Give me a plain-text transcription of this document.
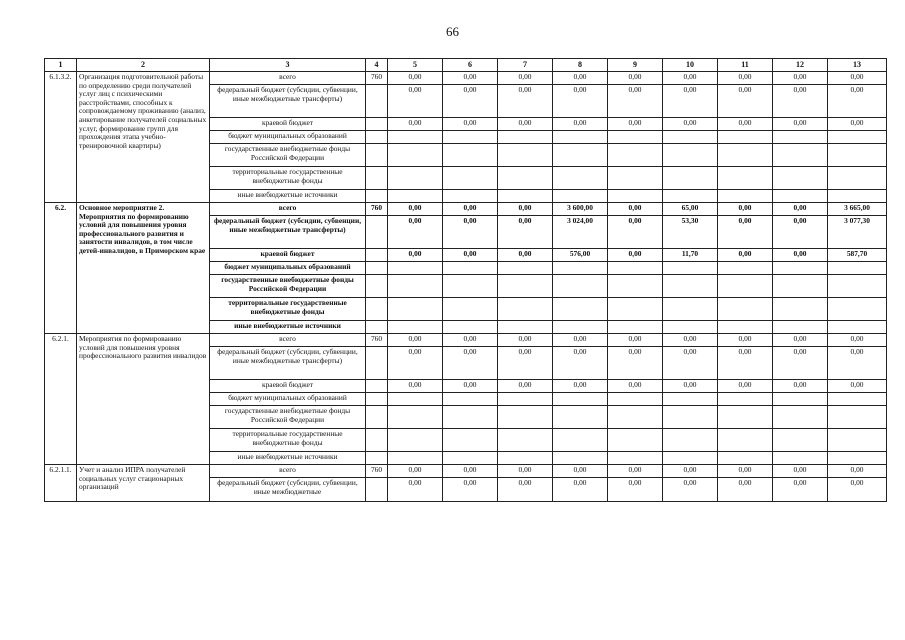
66
1	2	3	4	5	6	7	8	9	10	11	12	13
6.1.3.2.	Организация подготовительной работы по определению среди получателей услуг лиц с психическими расстройствами, способных к сопровождаемому проживанию (анализ, анкетирование получателей социальных услуг, формирование групп для прохождения этапа учебно-тренировочной квартиры)	всего	760	0,00	0,00	0,00	0,00	0,00	0,00	0,00	0,00	0,00
		федеральный бюджет (субсидии, субвенции, иные межбюджетные трансферты)		0,00	0,00	0,00	0,00	0,00	0,00	0,00	0,00	0,00
		краевой бюджет		0,00	0,00	0,00	0,00	0,00	0,00	0,00	0,00	0,00
		бюджет муниципальных образований										
		государственные внебюджетные фонды Российской Федерации										
		территориальные государственные внебюджетные фонды										
		иные внебюджетные источники										
6.2.	Основное мероприятие 2. Мероприятия по формированию условий для повышения уровня профессионального развития и занятости инвалидов, в том числе детей-инвалидов, в Приморском крае	всего	760	0,00	0,00	0,00	3 600,00	0,00	65,00	0,00	0,00	3 665,00
		федеральный бюджет (субсидии, субвенции, иные межбюджетные трансферты)		0,00	0,00	0,00	3 024,00	0,00	53,30	0,00	0,00	3 077,30
		краевой бюджет		0,00	0,00	0,00	576,00	0,00	11,70	0,00	0,00	587,70
		бюджет муниципальных образований										
		государственные внебюджетные фонды Российской Федерации										
		территориальные государственные внебюджетные фонды										
		иные внебюджетные источники										
6.2.1.	Мероприятия по формированию условий для повышения уровня профессионального развития инвалидов	всего	760	0,00	0,00	0,00	0,00	0,00	0,00	0,00	0,00	0,00
		федеральный бюджет (субсидии, субвенции, иные межбюджетные трансферты)		0,00	0,00	0,00	0,00	0,00	0,00	0,00	0,00	0,00
		краевой бюджет		0,00	0,00	0,00	0,00	0,00	0,00	0,00	0,00	0,00
		бюджет муниципальных образований										
		государственные внебюджетные фонды Российской Федерации										
		территориальные государственные внебюджетные фонды										
		иные внебюджетные источники										
6.2.1.1.	Учет и анализ ИПРА получателей социальных услуг стационарных организаций	всего	760	0,00	0,00	0,00	0,00	0,00	0,00	0,00	0,00	0,00
		федеральный бюджет (субсидии, субвенции, иные межбюджетные		0,00	0,00	0,00	0,00	0,00	0,00	0,00	0,00	0,00
